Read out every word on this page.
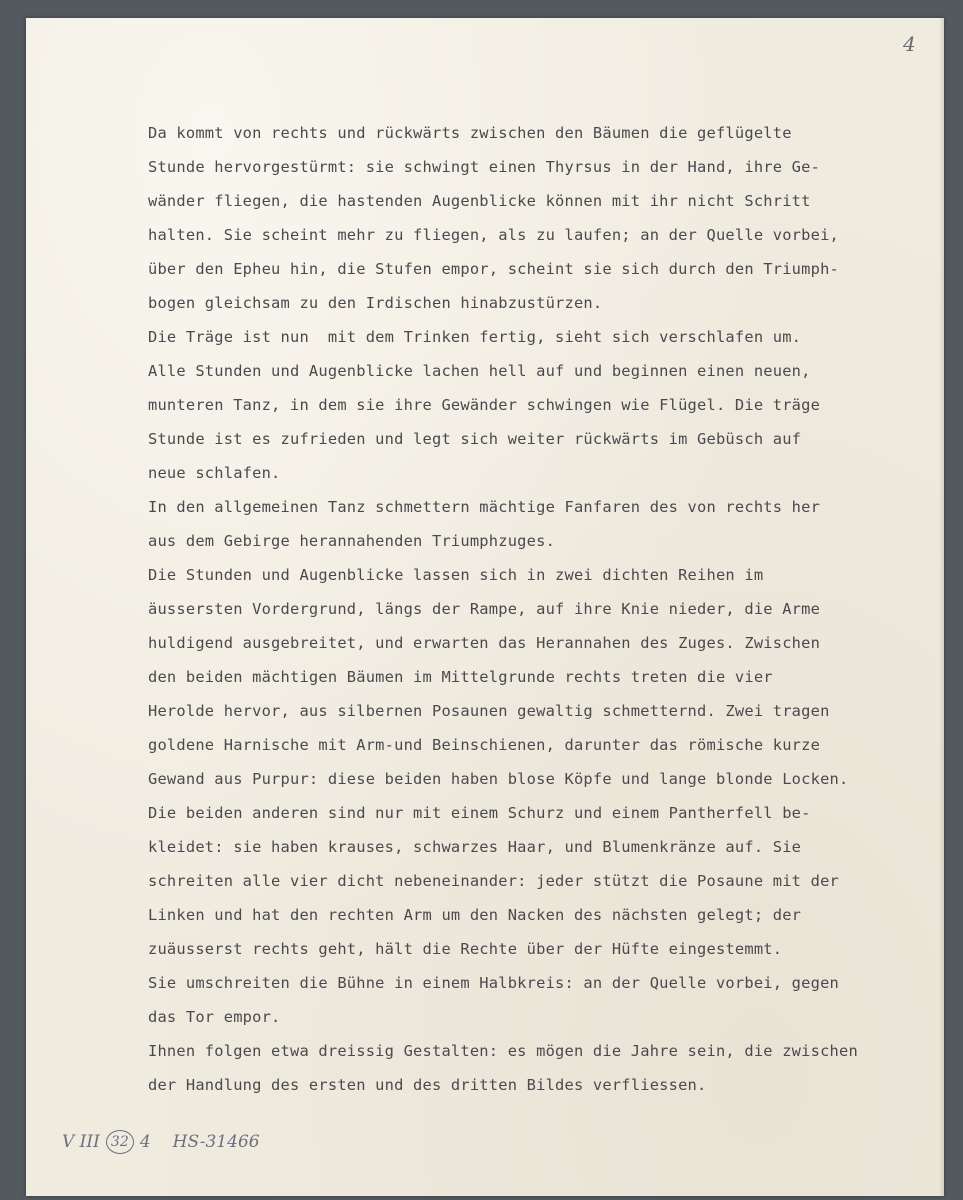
4
Da kommt von rechts und rückwärts zwischen den Bäumen die geflügelte
Stunde hervorgestürmt: sie schwingt einen Thyrsus in der Hand, ihre Ge-
wänder fliegen, die hastenden Augenblicke können mit ihr nicht Schritt
halten. Sie scheint mehr zu fliegen, als zu laufen; an der Quelle vorbei,
über den Epheu hin, die Stufen empor, scheint sie sich durch den Triumph-
bogen gleichsam zu den Irdischen hinabzustürzen.
Die Träge ist nun  mit dem Trinken fertig, sieht sich verschlafen um.
Alle Stunden und Augenblicke lachen hell auf und beginnen einen neuen,
munteren Tanz, in dem sie ihre Gewänder schwingen wie Flügel. Die träge
Stunde ist es zufrieden und legt sich weiter rückwärts im Gebüsch auf
neue schlafen.
In den allgemeinen Tanz schmettern mächtige Fanfaren des von rechts her
aus dem Gebirge herannahenden Triumphzuges.
Die Stunden und Augenblicke lassen sich in zwei dichten Reihen im
äussersten Vordergrund, längs der Rampe, auf ihre Knie nieder, die Arme
huldigend ausgebreitet, und erwarten das Herannahen des Zuges. Zwischen
den beiden mächtigen Bäumen im Mittelgrunde rechts treten die vier
Herolde hervor, aus silbernen Posaunen gewaltig schmetternd. Zwei tragen
goldene Harnische mit Arm-und Beinschienen, darunter das römische kurze
Gewand aus Purpur: diese beiden haben blose Köpfe und lange blonde Locken.
Die beiden anderen sind nur mit einem Schurz und einem Pantherfell be-
kleidet: sie haben krauses, schwarzes Haar, und Blumenkränze auf. Sie
schreiten alle vier dicht nebeneinander: jeder stützt die Posaune mit der
Linken und hat den rechten Arm um den Nacken des nächsten gelegt; der
zuäusserst rechts geht, hält die Rechte über der Hüfte eingestemmt.
Sie umschreiten die Bühne in einem Halbkreis: an der Quelle vorbei, gegen
das Tor empor.
Ihnen folgen etwa dreissig Gestalten: es mögen die Jahre sein, die zwischen
der Handlung des ersten und des dritten Bildes verfliessen.
V III 32 4 HS-31466
